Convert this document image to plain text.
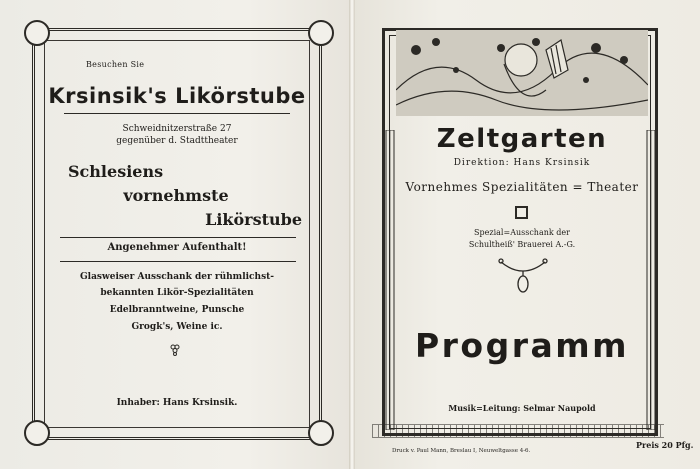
Besuchen Sie
Krsinsik's Likörstube
Schweidnitzerstraße 27
gegenüber d. Stadttheater
Schlesiens
vornehmste
Likörstube
Angenehmer Aufenthalt!
Glasweiser Ausschank der rühmlichst-
bekannten Likör-Spezialitäten
Edelbranntweine, Punsche
Grogk's, Weine ic.
Inhaber: Hans Krsinsik.
Zeltgarten
Direktion: Hans Krsinsik
Vornehmes Spezialitäten = Theater
Spezial=Ausschank der
Schultheiß' Brauerei A.-G.
Programm
Musik=Leitung: Selmar Naupold
Druck v. Paul Mann, Breslau I, Neuweltgasse 4-6.
Preis 20 Pfg.
